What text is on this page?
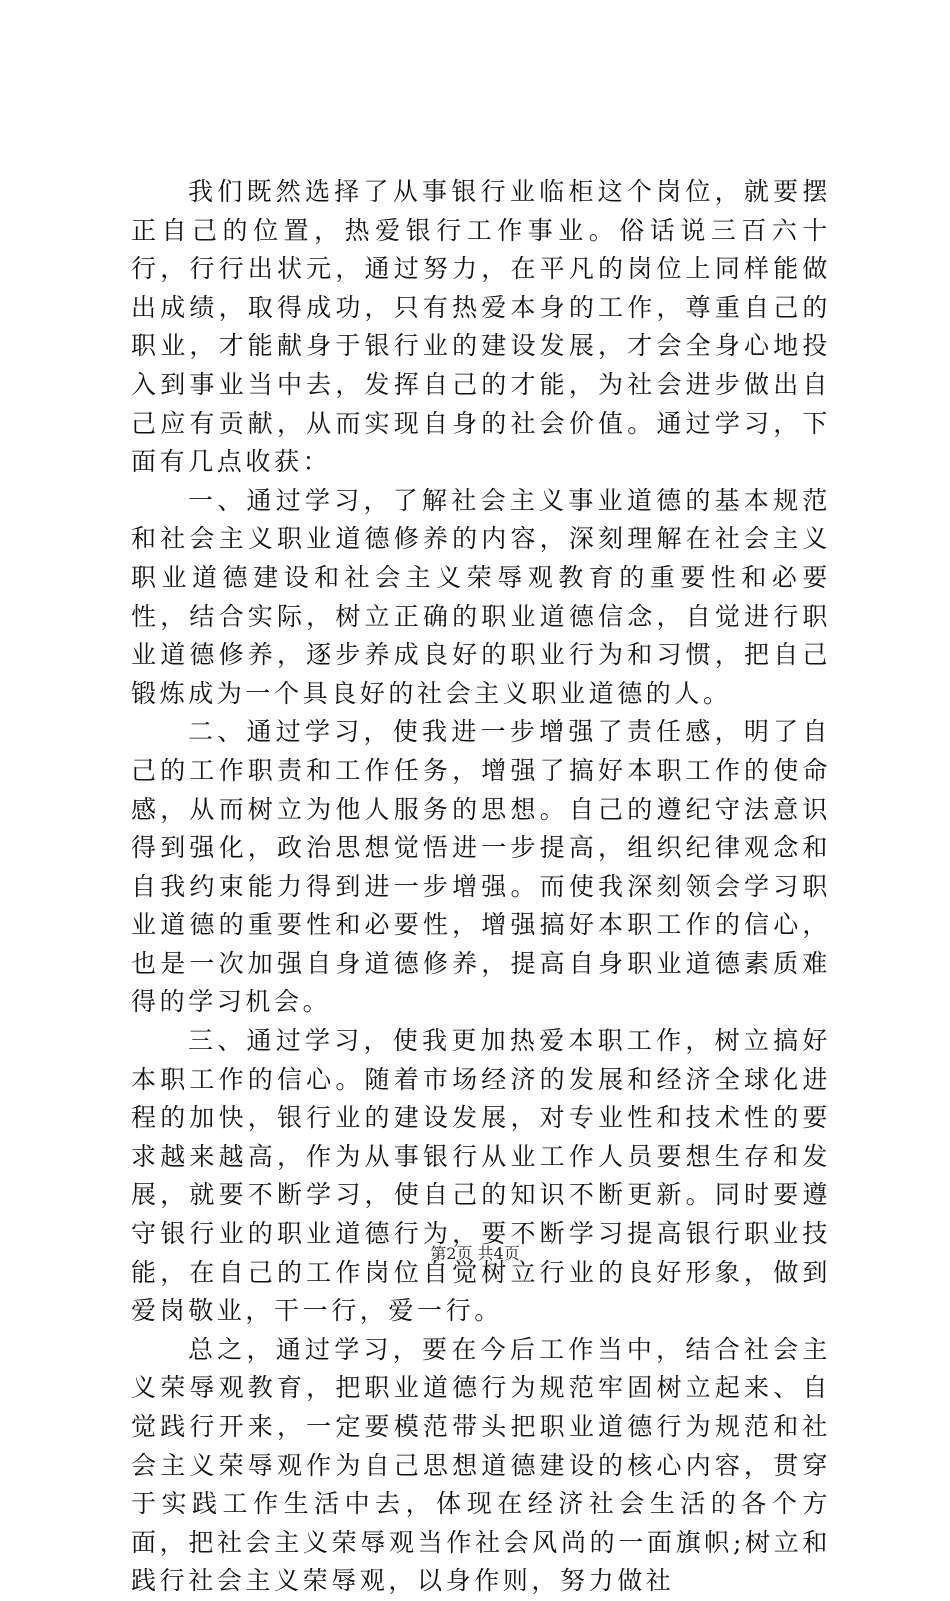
我们既然选择了从事银行业临柜这个岗位，就要摆正自己的位置，热爱银行工作事业。俗话说三百六十行，行行出状元，通过努力，在平凡的岗位上同样能做出成绩，取得成功，只有热爱本身的工作，尊重自己的职业，才能献身于银行业的建设发展，才会全身心地投入到事业当中去，发挥自己的才能，为社会进步做出自己应有贡献，从而实现自身的社会价值。通过学习，下面有几点收获：

一、通过学习，了解社会主义事业道德的基本规范和社会主义职业道德修养的内容，深刻理解在社会主义职业道德建设和社会主义荣辱观教育的重要性和必要性，结合实际，树立正确的职业道德信念，自觉进行职业道德修养，逐步养成良好的职业行为和习惯，把自己锻炼成为一个具良好的社会主义职业道德的人。

二、通过学习，使我进一步增强了责任感，明了自己的工作职责和工作任务，增强了搞好本职工作的使命感，从而树立为他人服务的思想。自己的遵纪守法意识得到强化，政治思想觉悟进一步提高，组织纪律观念和自我约束能力得到进一步增强。而使我深刻领会学习职业道德的重要性和必要性，增强搞好本职工作的信心，也是一次加强自身道德修养，提高自身职业道德素质难得的学习机会。

三、通过学习，使我更加热爱本职工作，树立搞好本职工作的信心。随着市场经济的发展和经济全球化进程的加快，银行业的建设发展，对专业性和技术性的要求越来越高，作为从事银行从业工作人员要想生存和发展，就要不断学习，使自己的知识不断更新。同时要遵守银行业的职业道德行为，要不断学习提高银行职业技能，在自己的工作岗位自觉树立行业的良好形象，做到爱岗敬业，干一行，爱一行。

总之，通过学习，要在今后工作当中，结合社会主义荣辱观教育，把职业道德行为规范牢固树立起来、自觉践行开来，一定要模范带头把职业道德行为规范和社会主义荣辱观作为自己思想道德建设的核心内容，贯穿于实践工作生活中去，体现在经济社会生活的各个方面，把社会主义荣辱观当作社会风尚的一面旗帜;树立和践行社会主义荣辱观，以身作则，努力做社

第2页 共4页
